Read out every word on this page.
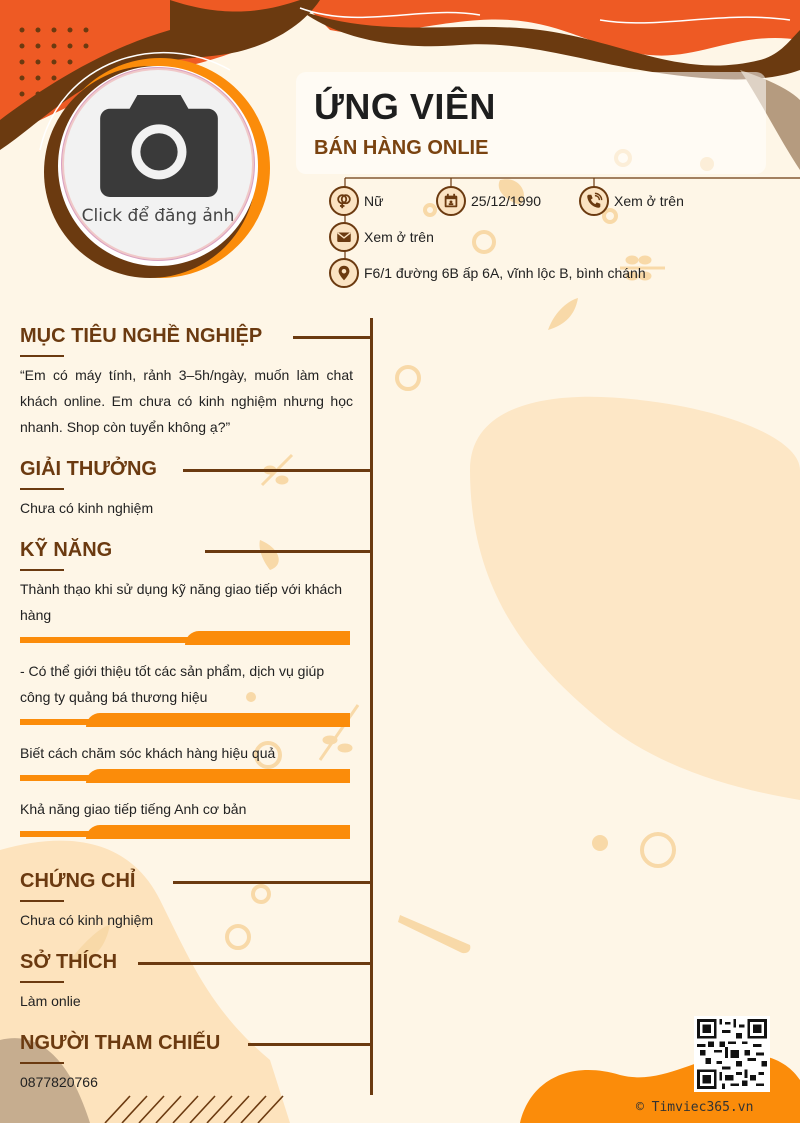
Click để đăng ảnh
ỨNG VIÊN
BÁN HÀNG ONLIE
Nữ	25/12/1990	Xem ở trên
Xem ở trên
F6/1 đường 6B ấp 6A, vĩnh lộc B, bình chánh
MỤC TIÊU NGHỀ NGHIỆP
“Em có máy tính, rảnh 3–5h/ngày, muốn làm chat khách online. Em chưa có kinh nghiệm nhưng học nhanh. Shop còn tuyển không ạ?”
GIẢI THƯỞNG
Chưa có kinh nghiệm
KỸ NĂNG
Thành thạo khi sử dụng kỹ năng giao tiếp với khách hàng
- Có thể giới thiệu tốt các sản phẩm, dịch vụ giúp công ty quảng bá thương hiệu
Biết cách chăm sóc khách hàng hiệu quả
Khả năng giao tiếp tiếng Anh cơ bản
CHỨNG CHỈ
Chưa có kinh nghiệm
SỞ THÍCH
Làm onlie
NGƯỜI THAM CHIẾU
0877820766
© Timviec365.vn
